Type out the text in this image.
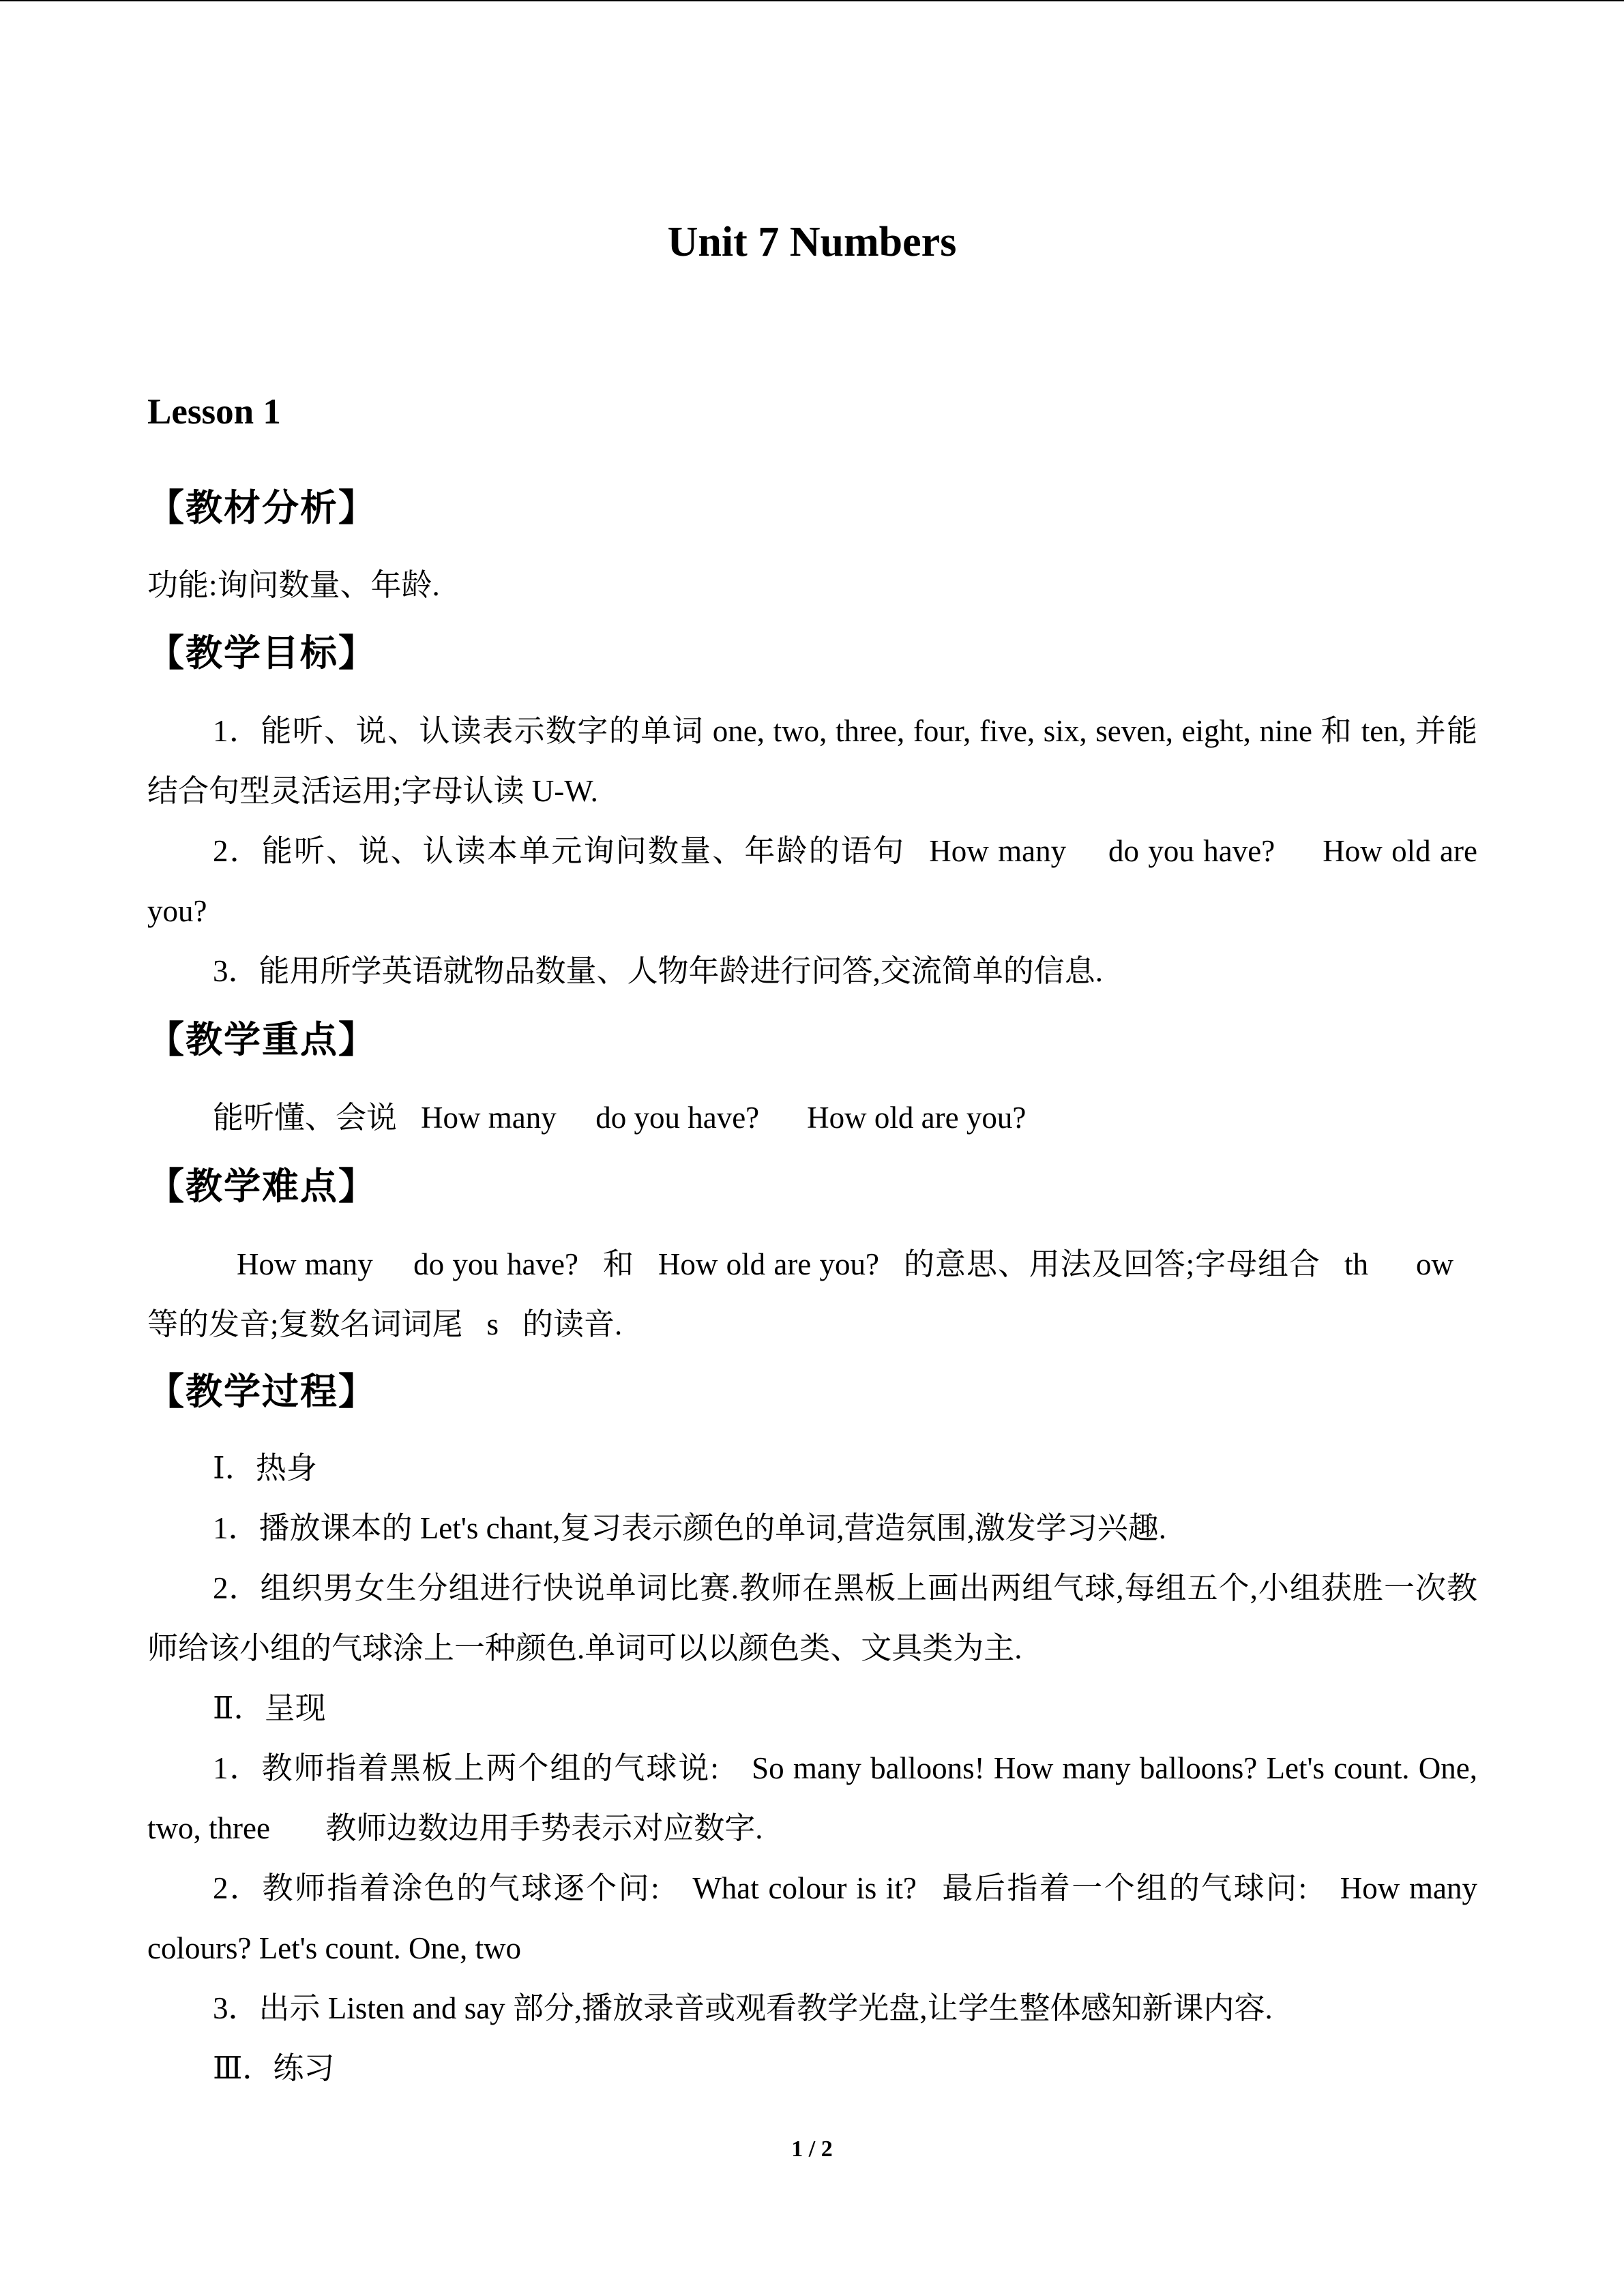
Unit 7 Numbers
Lesson 1
【教材分析】
功能:询问数量、年龄.
【教学目标】
1．能听、说、认读表示数字的单词 one, two, three, four, five, six, seven, eight, nine 和 ten, 并能结合句型灵活运用;字母认读 U-W.
2．能听、说、认读本单元询问数量、年龄的语句􀰃How many 􀆺 do you have?􀰄􀰃How old are you?􀰄
3．能用所学英语就物品数量、人物年龄进行问答,交流简单的信息.
【教学重点】
能听懂、会说􀰃How many 􀆺 do you have?􀰄􀰃How old are you?􀰄
【教学难点】
􀰃How many 􀆺 do you have?􀰄和􀰃How old are you?􀰄的意思、用法及回答;字母组合􀰃th􀰄􀰃ow􀰄等的发音;复数名词词尾􀰃s􀰄的读音.
【教学过程】
Ⅰ．热身
1．播放课本的 Let's chant,复习表示颜色的单词,营造氛围,激发学习兴趣.
2．组织男女生分组进行快说单词比赛.教师在黑板上画出两组气球,每组五个,小组获胜一次教师给该小组的气球涂上一种颜色.单词可以以颜色类、文具类为主.
Ⅱ．呈现
1．教师指着黑板上两个组的气球说: 􀰃So many balloons! How many balloons? Let's count. One, two, three 􀆺􀰄教师边数边用手势表示对应数字.
2．教师指着涂色的气球逐个问: 􀰃What colour is it?􀰄最后指着一个组的气球问: 􀰃How many colours? Let's count. One, two 􀆺􀰄
3．出示 Listen and say 部分,播放录音或观看教学光盘,让学生整体感知新课内容.
Ⅲ．练习
1 / 2
